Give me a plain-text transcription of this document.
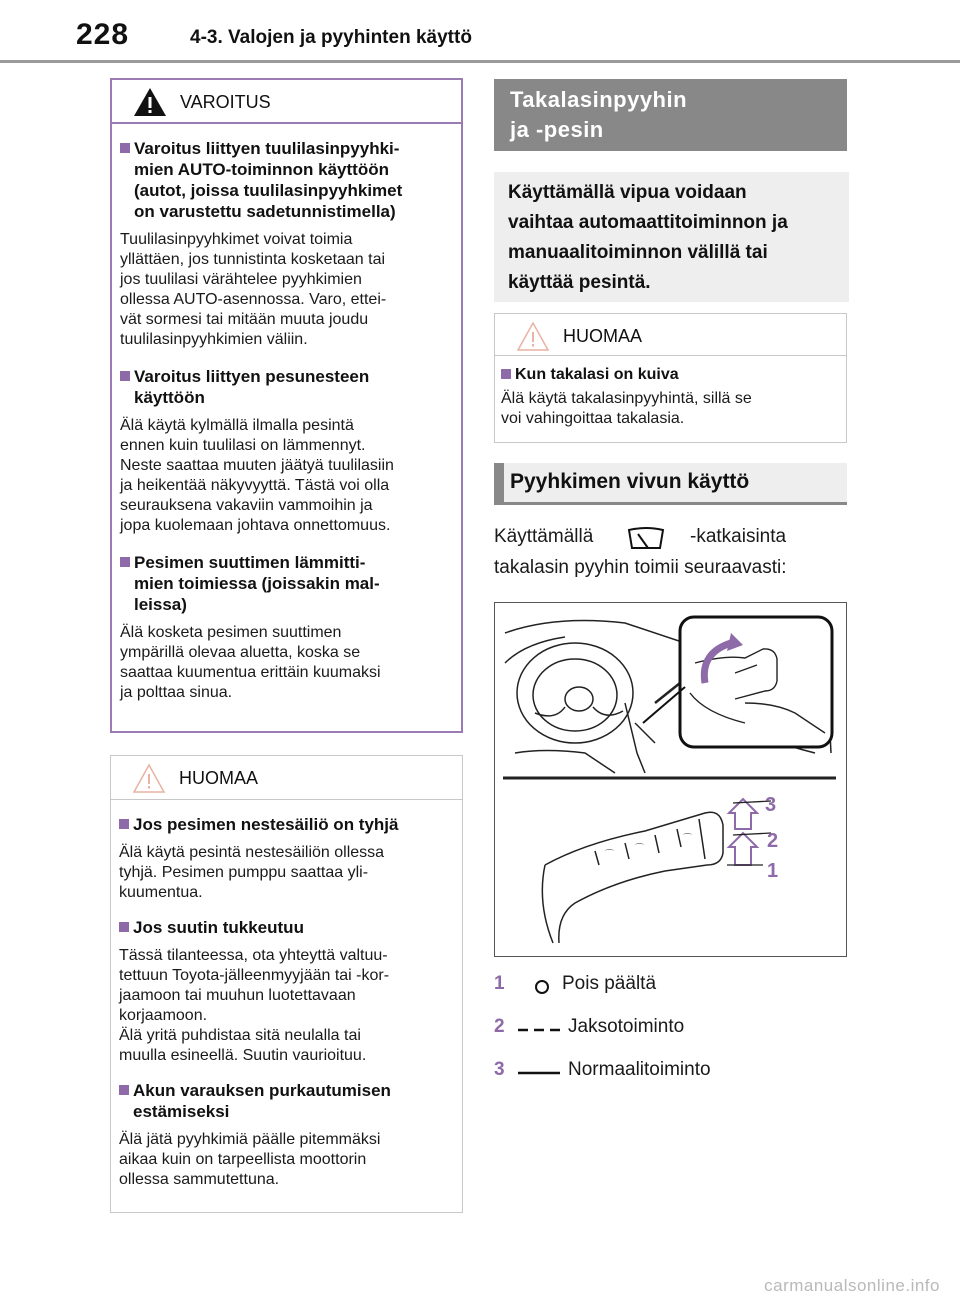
228	4-3. Valojen ja pyyhinten käyttö
VAROITUS
Varoitus liittyen tuulilasinpyyhki-
mien AUTO-toiminnon käyttöön
(autot, joissa tuulilasinpyyhkimet
on varustettu sadetunnistimella)
Tuulilasinpyyhkimet voivat toimia
yllättäen, jos tunnistinta kosketaan tai
jos tuulilasi värähtelee pyyhkimien
ollessa AUTO-asennossa. Varo, ettei-
vät sormesi tai mitään muuta joudu
tuulilasinpyyhkimien väliin.
Varoitus liittyen pesunesteen
käyttöön
Älä käytä kylmällä ilmalla pesintä
ennen kuin tuulilasi on lämmennyt.
Neste saattaa muuten jäätyä tuulilasiin
ja heikentää näkyvyyttä. Tästä voi olla
seurauksena vakaviin vammoihin ja
jopa kuolemaan johtava onnettomuus.
Pesimen suuttimen lämmitti-
mien toimiessa (joissakin mal-
leissa)
Älä kosketa pesimen suuttimen
ympärillä olevaa aluetta, koska se
saattaa kuumentua erittäin kuumaksi
ja polttaa sinua.
HUOMAA
Jos pesimen nestesäiliö on tyhjä
Älä käytä pesintä nestesäiliön ollessa
tyhjä. Pesimen pumppu saattaa yli-
kuumentua.
Jos suutin tukkeutuu
Tässä tilanteessa, ota yhteyttä valtuu-
tettuun Toyota-jälleenmyyjään tai -kor-
jaamoon tai muuhun luotettavaan
korjaamoon.
Älä yritä puhdistaa sitä neulalla tai
muulla esineellä. Suutin vaurioituu.
Akun varauksen purkautumisen
estämiseksi
Älä jätä pyyhkimiä päälle pitemmäksi
aikaa kuin on tarpeellista moottorin
ollessa sammutettuna.
Takalasinpyyhin
ja -pesin
Käyttämällä vipua voidaan
vaihtaa automaattitoiminnon ja
manuaalitoiminnon välillä tai
käyttää pesintä.
HUOMAA
Kun takalasi on kuiva
Älä käytä takalasinpyyhintä, sillä se
voi vahingoittaa takalasia.
Pyyhkimen vivun käyttö
Käyttämällä	-katkaisinta
takalasin pyyhin toimii seuraavasti:
⌒
⌒
⌒
3
2
1
1	Pois päältä
2	Jaksotoiminto
3	Normaalitoiminto
carmanualsonline.info
